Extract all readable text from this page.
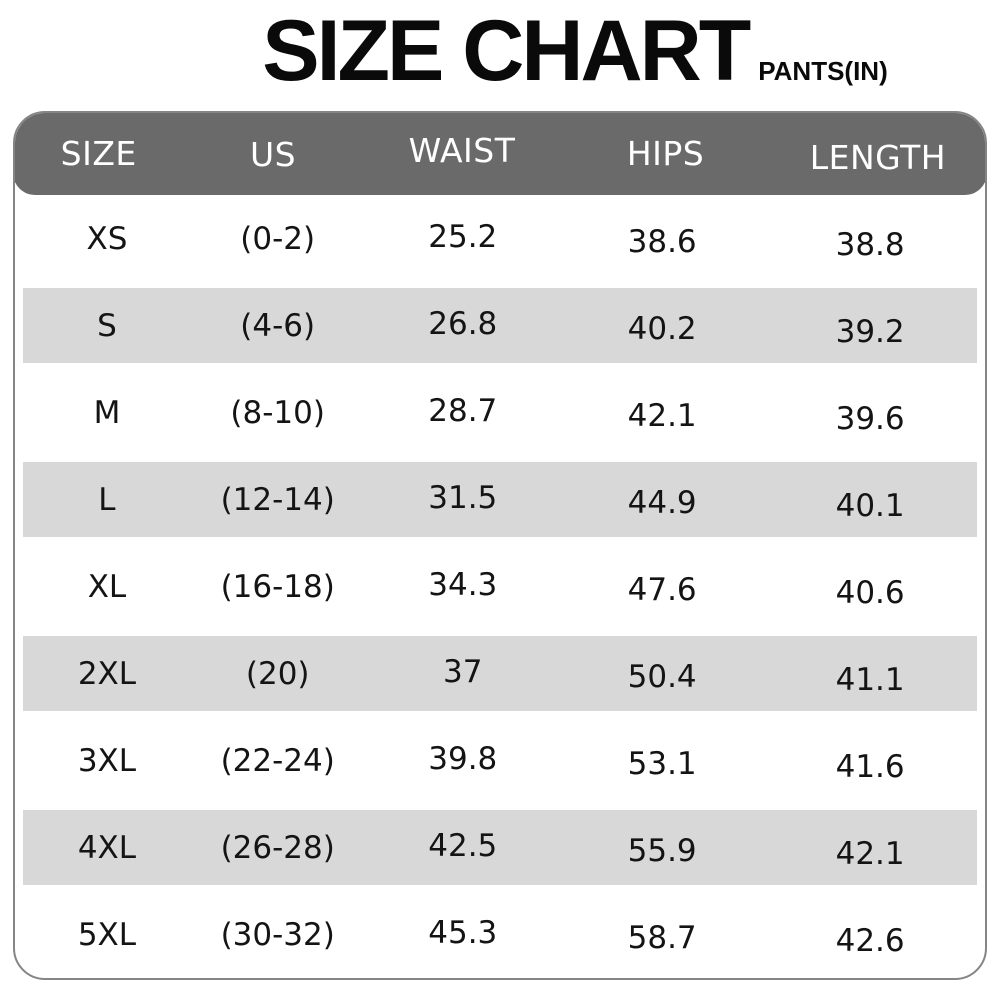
SIZE CHART PANTS(IN)
SIZE	US	WAIST	HIPS	LENGTH
XS	(0-2)	25.2	38.6	38.8
S	(4-6)	26.8	40.2	39.2
M	(8-10)	28.7	42.1	39.6
L	(12-14)	31.5	44.9	40.1
XL	(16-18)	34.3	47.6	40.6
2XL	(20)	37	50.4	41.1
3XL	(22-24)	39.8	53.1	41.6
4XL	(26-28)	42.5	55.9	42.1
5XL	(30-32)	45.3	58.7	42.6
